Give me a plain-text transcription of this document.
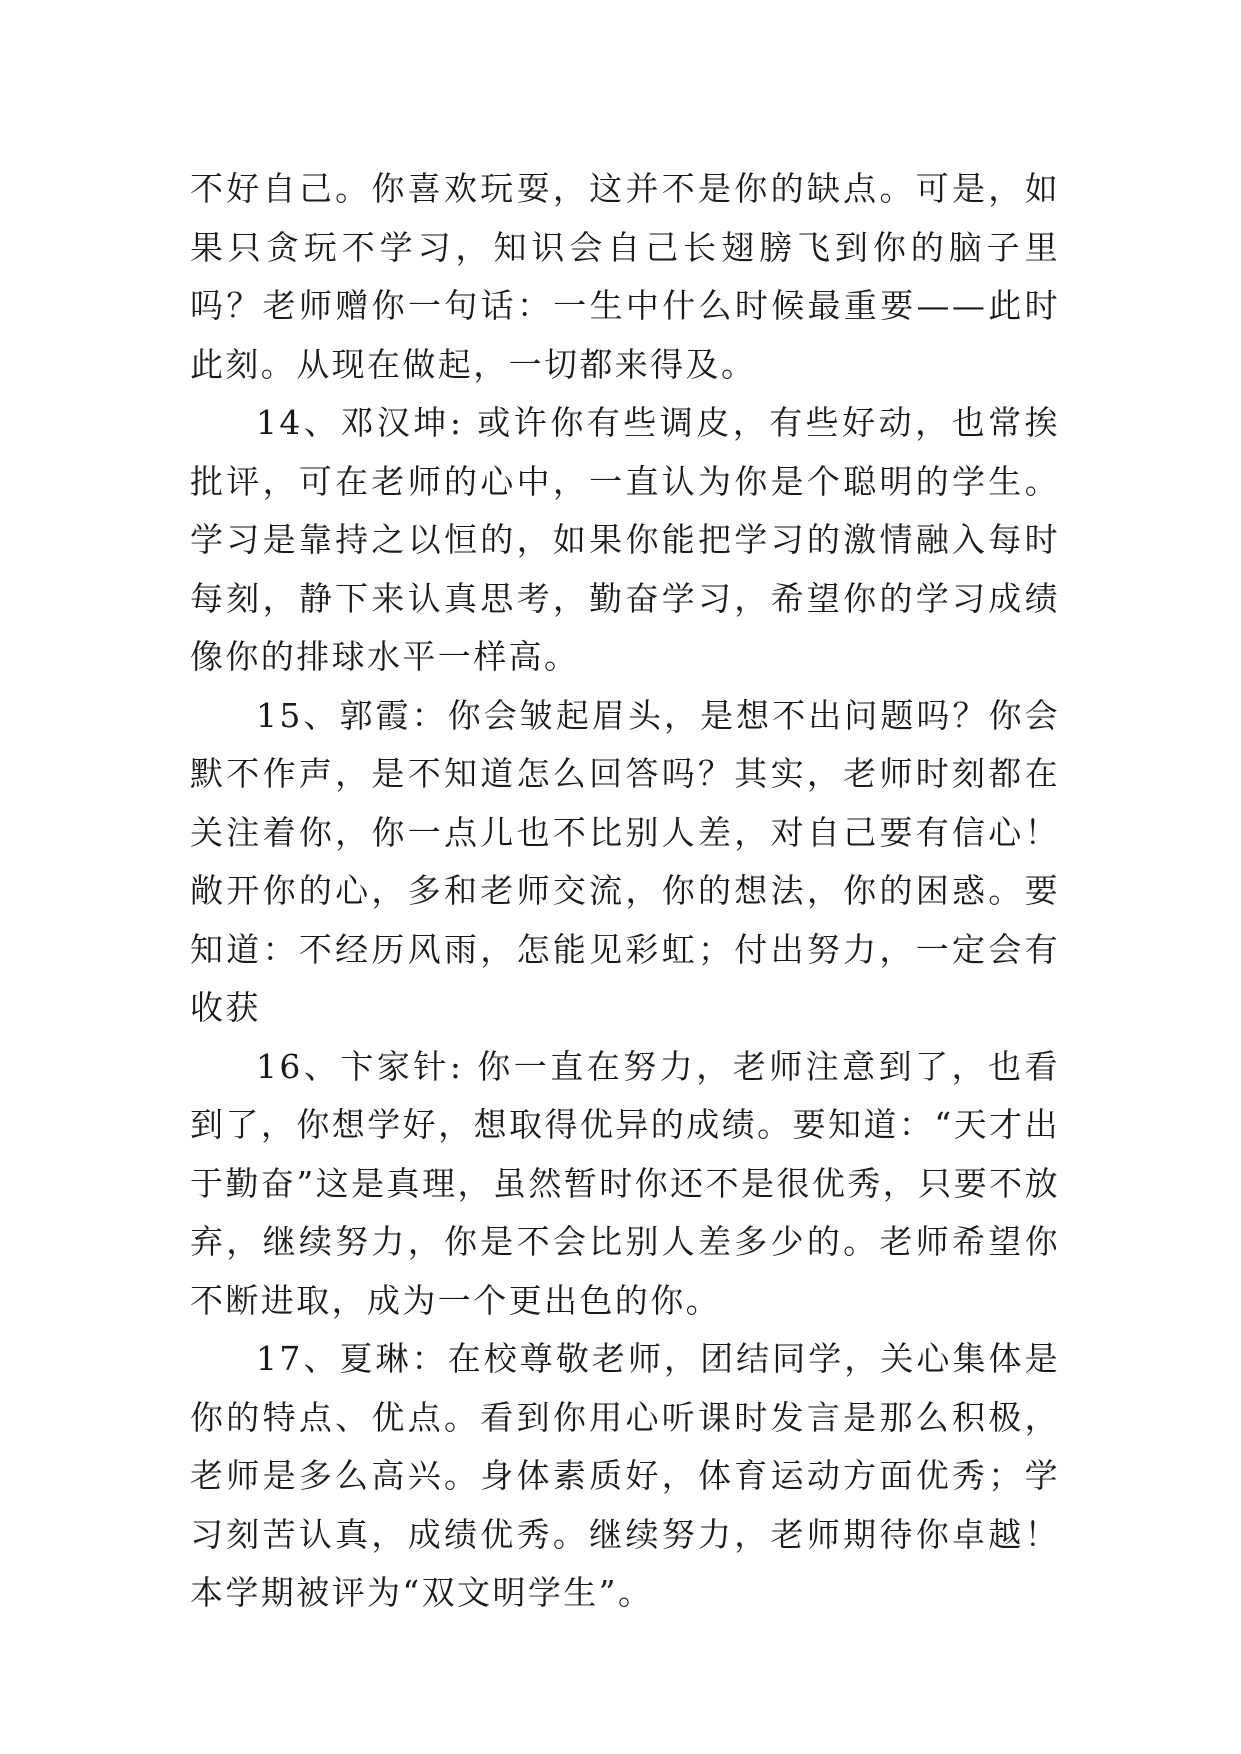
不好自己。你喜欢玩耍，这并不是你的缺点。可是，如果只贪玩不学习，知识会自己长翅膀飞到你的脑子里吗？老师赠你一句话：一生中什么时候最重要——此时此刻。从现在做起，一切都来得及。

14、邓汉坤: 或许你有些调皮，有些好动，也常挨批评，可在老师的心中，一直认为你是个聪明的学生。学习是靠持之以恒的，如果你能把学习的激情融入每时每刻，静下来认真思考，勤奋学习，希望你的学习成绩像你的排球水平一样高。

15、郭霞：你会皱起眉头，是想不出问题吗？你会默不作声，是不知道怎么回答吗？其实，老师时刻都在关注着你，你一点儿也不比别人差，对自己要有信心！敞开你的心，多和老师交流，你的想法，你的困惑。要知道：不经历风雨，怎能见彩虹；付出努力，一定会有收获

16、卞家针: 你一直在努力，老师注意到了，也看到了，你想学好，想取得优异的成绩。要知道：“天才出于勤奋”这是真理，虽然暂时你还不是很优秀，只要不放弃，继续努力，你是不会比别人差多少的。老师希望你不断进取，成为一个更出色的你。

17、夏琳：在校尊敬老师，团结同学，关心集体是你的特点、优点。看到你用心听课时发言是那么积极，老师是多么高兴。身体素质好，体育运动方面优秀；学习刻苦认真，成绩优秀。继续努力，老师期待你卓越！本学期被评为“双文明学生”。
